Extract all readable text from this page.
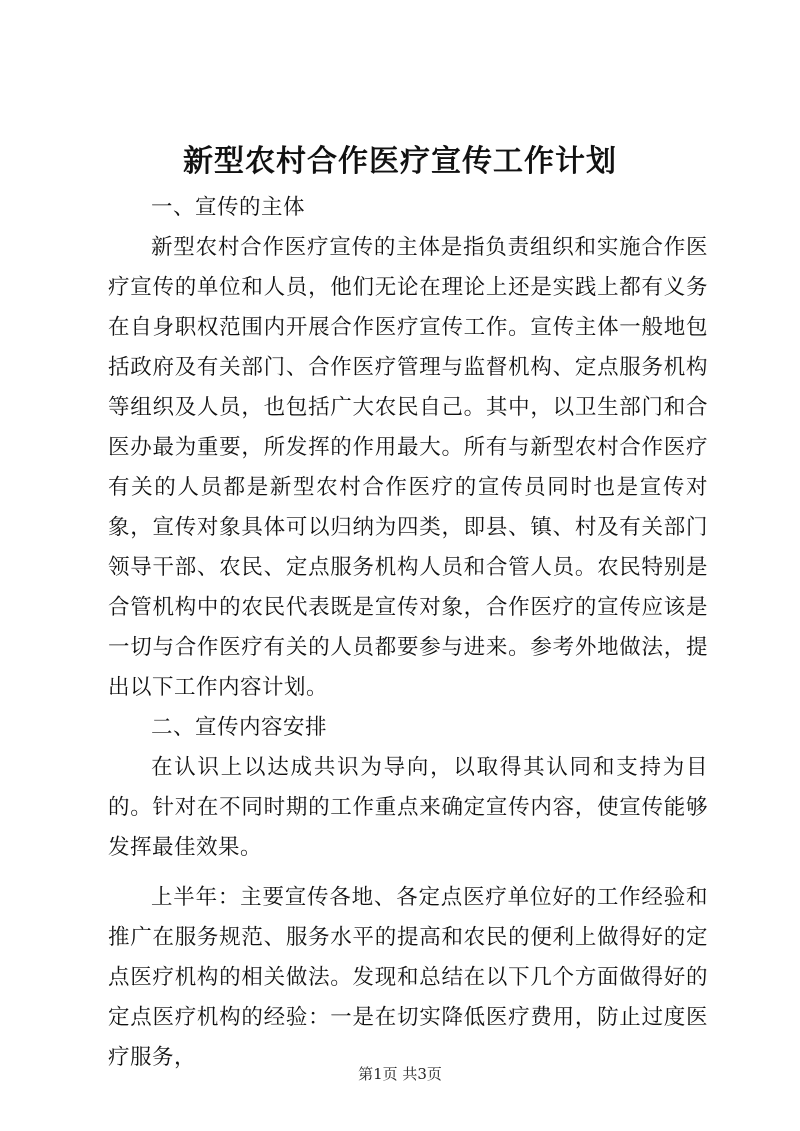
新型农村合作医疗宣传工作计划

一、宣传的主体

新型农村合作医疗宣传的主体是指负责组织和实施合作医疗宣传的单位和人员，他们无论在理论上还是实践上都有义务在自身职权范围内开展合作医疗宣传工作。宣传主体一般地包括政府及有关部门、合作医疗管理与监督机构、定点服务机构等组织及人员，也包括广大农民自己。其中，以卫生部门和合医办最为重要，所发挥的作用最大。所有与新型农村合作医疗有关的人员都是新型农村合作医疗的宣传员同时也是宣传对象，宣传对象具体可以归纳为四类，即县、镇、村及有关部门领导干部、农民、定点服务机构人员和合管人员。农民特别是合管机构中的农民代表既是宣传对象，合作医疗的宣传应该是一切与合作医疗有关的人员都要参与进来。参考外地做法，提出以下工作内容计划。

二、宣传内容安排

在认识上以达成共识为导向，以取得其认同和支持为目的。针对在不同时期的工作重点来确定宣传内容，使宣传能够发挥最佳效果。

上半年：主要宣传各地、各定点医疗单位好的工作经验和推广在服务规范、服务水平的提高和农民的便利上做得好的定点医疗机构的相关做法。发现和总结在以下几个方面做得好的定点医疗机构的经验：一是在切实降低医疗费用，防止过度医疗服务，

第1页 共3页
